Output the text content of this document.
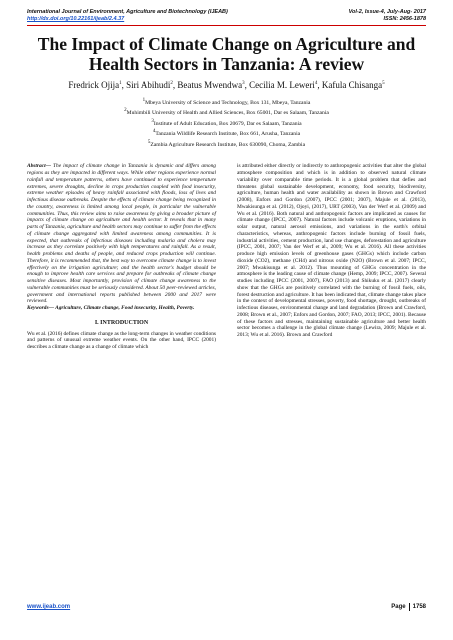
International Journal of Environment, Agriculture and Biotechnology (IJEAB)
http://dx.doi.org/10.22161/ijeab/2.4.37
Vol-2, Issue-4, July-Aug- 2017
ISSN: 2456-1878
The Impact of Climate Change on Agriculture and Health Sectors in Tanzania: A review
Fredrick Ojija$^1$, Siri Abihudi$^2$, Beatus Mwendwa$^3$, Cecilia M. Leweri$^4$, Kafula Chisanga$^5$
$^1$Mbeya University of Science and Technology, Box 131, Mbeya, Tanzania
$^2$Muhimbili University of Health and Allied Sciences, Box 65001, Dar es Salaam, Tanzania
$^3$Institute of Adult Education, Box 20679, Dar es Salaam, Tanzania
$^4$Tanzania Wildlife Research Institute, Box 661, Arusha, Tanzania
$^5$Zambia Agriculture Research Institute, Box 630090, Choma, Zambia
Abstract— The impact of climate change in Tanzania is dynamic and differs among regions as they are impacted in different ways. While other regions experience normal rainfall and temperature patterns, others have continued to experience temperature extremes, severe droughts, decline in crops production coupled with food insecurity, extreme weather episodes of heavy rainfall associated with floods, loss of lives and infectious disease outbreaks. Despite the effects of climate change being recognized in the country, awareness is limited among local people, in particular the vulnerable communities. Thus, this review aims to raise awareness by giving a broader picture of impacts of climate change on agriculture and health sector. It reveals that in many parts of Tanzania, agriculture and health sectors may continue to suffer from the effects of climate change aggregated with limited awareness among communities. It is expected, that outbreaks of infectious diseases including malaria and cholera may increase as they correlate positively with high temperatures and rainfall. As a result, health problems and deaths of people, and reduced crops production will continue. Therefore, it is recommended that, the best way to overcome climate change is to invest effectively on the irrigation agriculture; and the health sector's budget should be enough to improve health care services and prepare for outbreaks of climate change sensitive diseases. Most importantly, provision of climate change awareness to the vulnerable communities must be seriously considered. About 50 peer-reviewed articles, government and international reports published between 2000 and 2017 were reviewed.
Keywords— Agriculture, Climate change, Food insecurity, Health, Poverty.
I. INTRODUCTION
Wu et al. (2016) defines climate change as the long-term changes in weather conditions and patterns of unusual extreme weather events. On the other hand, IPCC (2001) describes a climate change as a change of climate which
is attributed either directly or indirectly to anthropogenic activities that alter the global atmosphere composition and which is in addition to observed natural climate variability over comparable time periods. It is a global problem that defies and threatens global sustainable development, economy, food security, biodiversity, agriculture, human health and water availability as shown in Brown and Crawford (2008), Enfors and Gordon (2007), IPCC (2001; 2007), Majule et al. (2013), Mwakisunga et al. (2012), Ojoyi, (2017), URT (2003), Van der Werf et al. (2009) and Wu et al. (2016). Both natural and anthropogenic factors are implicated as causes for climate change (IPCC, 2007). Natural factors include volcanic eruptions, variations in solar output, natural aerosol emissions, and variations in the earth's orbital characteristics, whereas, anthropogenic factors include burning of fossil fuels, industrial activities, cement production, land use changes, deforestation and agriculture (IPCC, 2001, 2007; Van der Werf et al., 2009; Wu et al. 2016). All these activities produce high emission levels of greenhouse gases (GHGs) which include carbon dioxide (CO2), methane (CH4) and nitrous oxide (N2O) (Brown et al. 2007; IPCC, 2007; Mwakisunga et al. 2012). Thus mounting of GHGs concentration in the atmosphere is the leading cause of climate change (Hemp, 2009; IPCC, 2007). Several studies including IPCC (2001, 2007), FAO (2013) and Shikuku et al. (2017) clearly show that the GHGs are positively correlated with the burning of fossil fuels, oils, forest destruction and agriculture. It has been indicated that, climate change takes place in the context of developmental stresses, poverty, food shortage, drought, outbreaks of infectious diseases, environmental change and land degradation (Brown and Crawford, 2008; Brown et al., 2007; Enfors and Gordon, 2007; FAO, 2013; IPCC, 2001). Because of these factors and stresses, maintaining sustainable agriculture and better health sector becomes a challenge in the global climate change (Lewira, 2009; Majule et al. 2013; Wu et al. 2016). Brown and Crawford
www.ijeab.com	Page 1758
